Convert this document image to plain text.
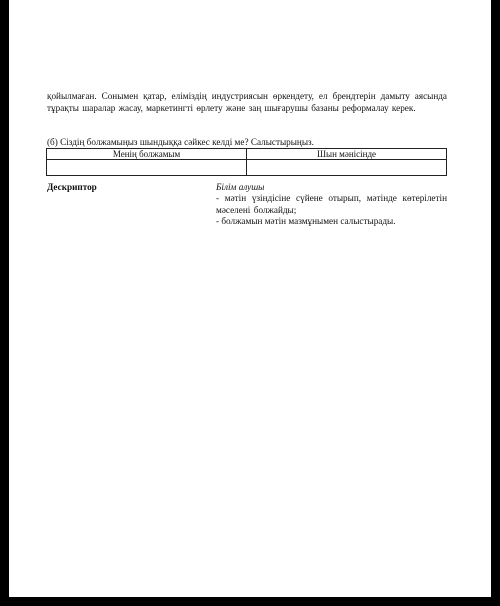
қойылмаған. Сонымен қатар, еліміздің индустриясын өркендету, ел брендтерін дамыту аясында тұрақты шаралар жасау, маркетингті өрлету және заң шығарушы базаны реформалау керек.

(б) Сіздің болжамыңыз шындыққа сәйкес келді ме? Салыстырыңыз.

Менің болжамым	Шын мәнісінде

Дескриптор	Білім алушы

- мәтін үзіндісіне сүйене отырып, мәтінде көтерілетін мәселені болжайды;

- болжамын мәтін мазмұнымен салыстырады.
